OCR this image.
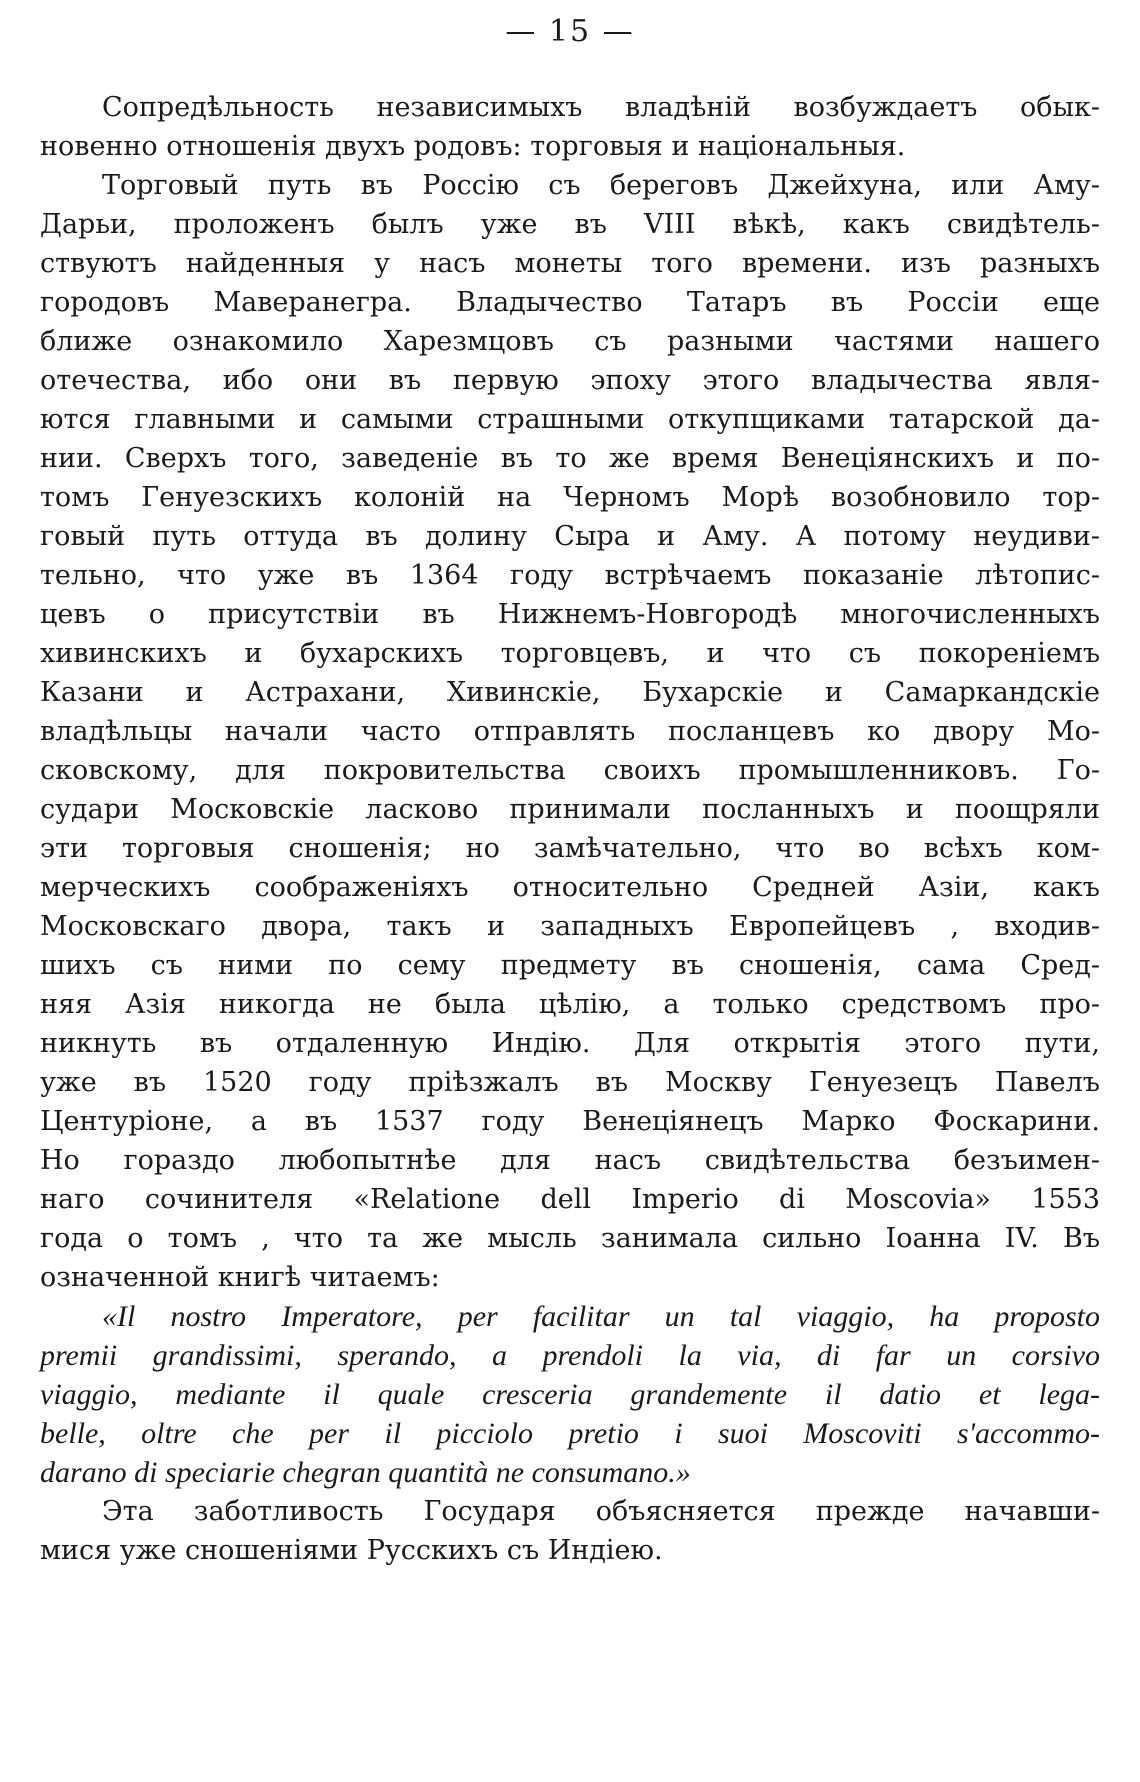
— 15 —
Сопредѣльность независимыхъ владѣній возбуждаетъ обык-
новенно отношенія двухъ родовъ: торговыя и національныя.
Торговый путь въ Россію съ береговъ Джейхуна, или Аму-
Дарьи, проложенъ былъ уже въ VIII вѣкѣ, какъ свидѣтель-
ствуютъ найденныя у насъ монеты того времени. изъ разныхъ
городовъ Маверанегра. Владычество Татаръ въ Россіи еще
ближе ознакомило Харезмцовъ съ разными частями нашего
отечества, ибо они въ первую эпоху этого владычества явля-
ются главными и самыми страшными откупщиками татарской да-
нии. Сверхъ того, заведеніе въ то же время Венеціянскихъ и по-
томъ Генуезскихъ колоній на Черномъ Морѣ возобновило тор-
говый путь оттуда въ долину Сыра и Аму. А потому неудиви-
тельно, что уже въ 1364 году встрѣчаемъ показаніе лѣтопис-
цевъ о присутствіи въ Нижнемъ-Новгородѣ многочисленныхъ
хивинскихъ и бухарскихъ торговцевъ, и что съ покореніемъ
Казани и Астрахани, Хивинскіе, Бухарскіе и Самаркандскіе
владѣльцы начали часто отправлять посланцевъ ко двору Мо-
сковскому, для покровительства своихъ промышленниковъ. Го-
судари Московскіе ласково принимали посланныхъ и поощряли
эти торговыя сношенія; но замѣчательно, что во всѣхъ ком-
мерческихъ соображеніяхъ относительно Средней Азіи, какъ
Московскаго двора, такъ и западныхъ Европейцевъ , входив-
шихъ съ ними по сему предмету въ сношенія, сама Сред-
няя Азія никогда не была цѣлію, а только средствомъ про-
никнуть въ отдаленную Индію. Для открытія этого пути,
уже въ 1520 году пріѣзжалъ въ Москву Генуезецъ Павелъ
Центуріоне, а въ 1537 году Венеціянецъ Марко Фоскарини.
Но гораздо любопытнѣе для насъ свидѣтельства безъимен-
наго сочинителя «Relatione dell Imperio di Moscovia» 1553
года о томъ , что та же мысль занимала сильно Іоанна IV. Въ
означенной книгѣ читаемъ:
«Il nostro Imperatore, per facilitar un tal viaggio, ha proposto
premii grandissimi, sperando, a prendoli la via, di far un corsivo
viaggio, mediante il quale cresceria grandemente il datio et lega-
belle, oltre che per il picciolo pretio i suoi Moscoviti s'accommo-
darano di speciarie chegran quantità ne consumano.»
Эта заботливость Государя объясняется прежде начавши-
мися уже сношеніями Русскихъ съ Индіею.
